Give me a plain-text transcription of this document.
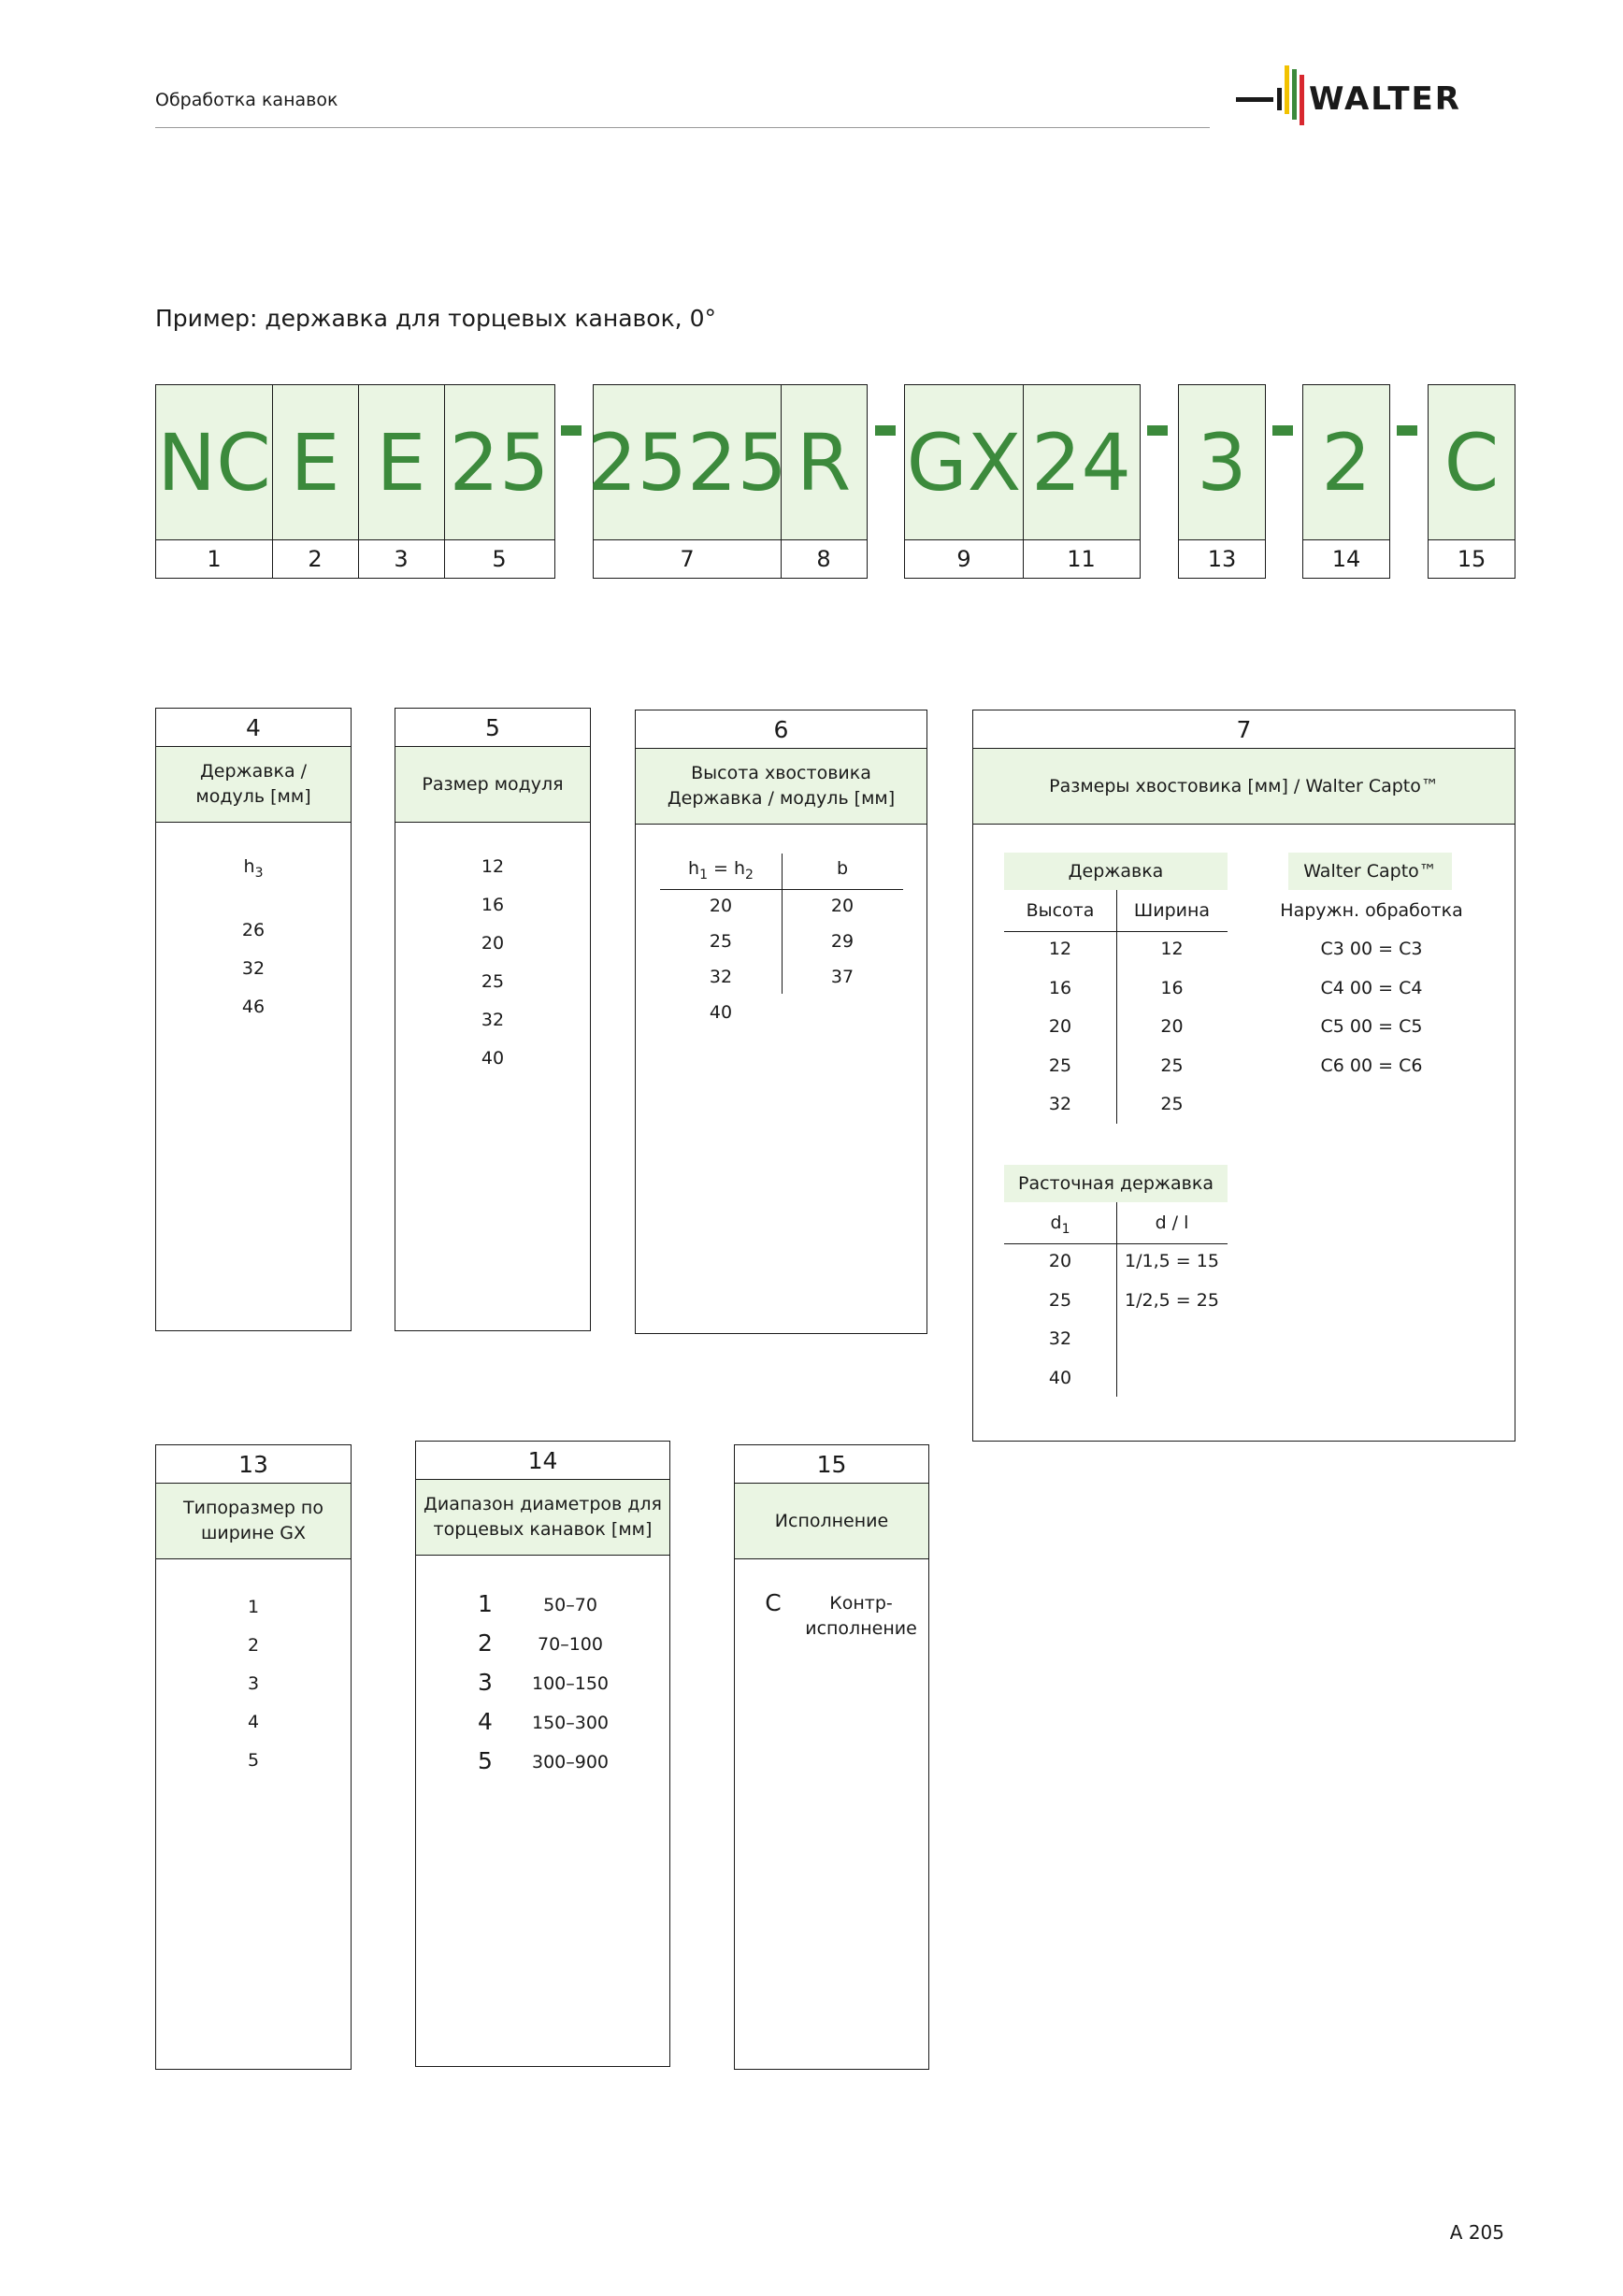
Обработка канавок	WALTER
Пример: державка для торцевых канавок, 0°
NC E E 25
1	2	3	5
2525 R
7	8
GX 24
9	11
3
13
2
14
C
15
4
Державка /
модуль [мм]
$h_3$
26
32
46
5
Размер модуля
12
16
20
25
32
40
6
Высота хвостовика
Державка / модуль [мм]
$h_1 = h_2$	b
20	20
25	29
32	37
40
7
Размеры хвостовика [мм] / Walter Capto™
Державка
Высота	Ширина
12	12
16	16
20	20
25	25
32	25
Walter Capto™
Наружн. обработка
C3 00 = C3
C4 00 = C4
C5 00 = C5
C6 00 = C6
Расточная державка
$d_1$	d / l
20	1/1,5 = 15
25	1/2,5 = 25
32
40
13
Типоразмер по
ширине GX
1
2
3
4
5
14
Диапазон диаметров для
торцевых канавок [мм]
1	50–70
2	70–100
3	100–150
4	150–300
5	300–900
15
Исполнение
C	Контр-
исполнение
A 205
